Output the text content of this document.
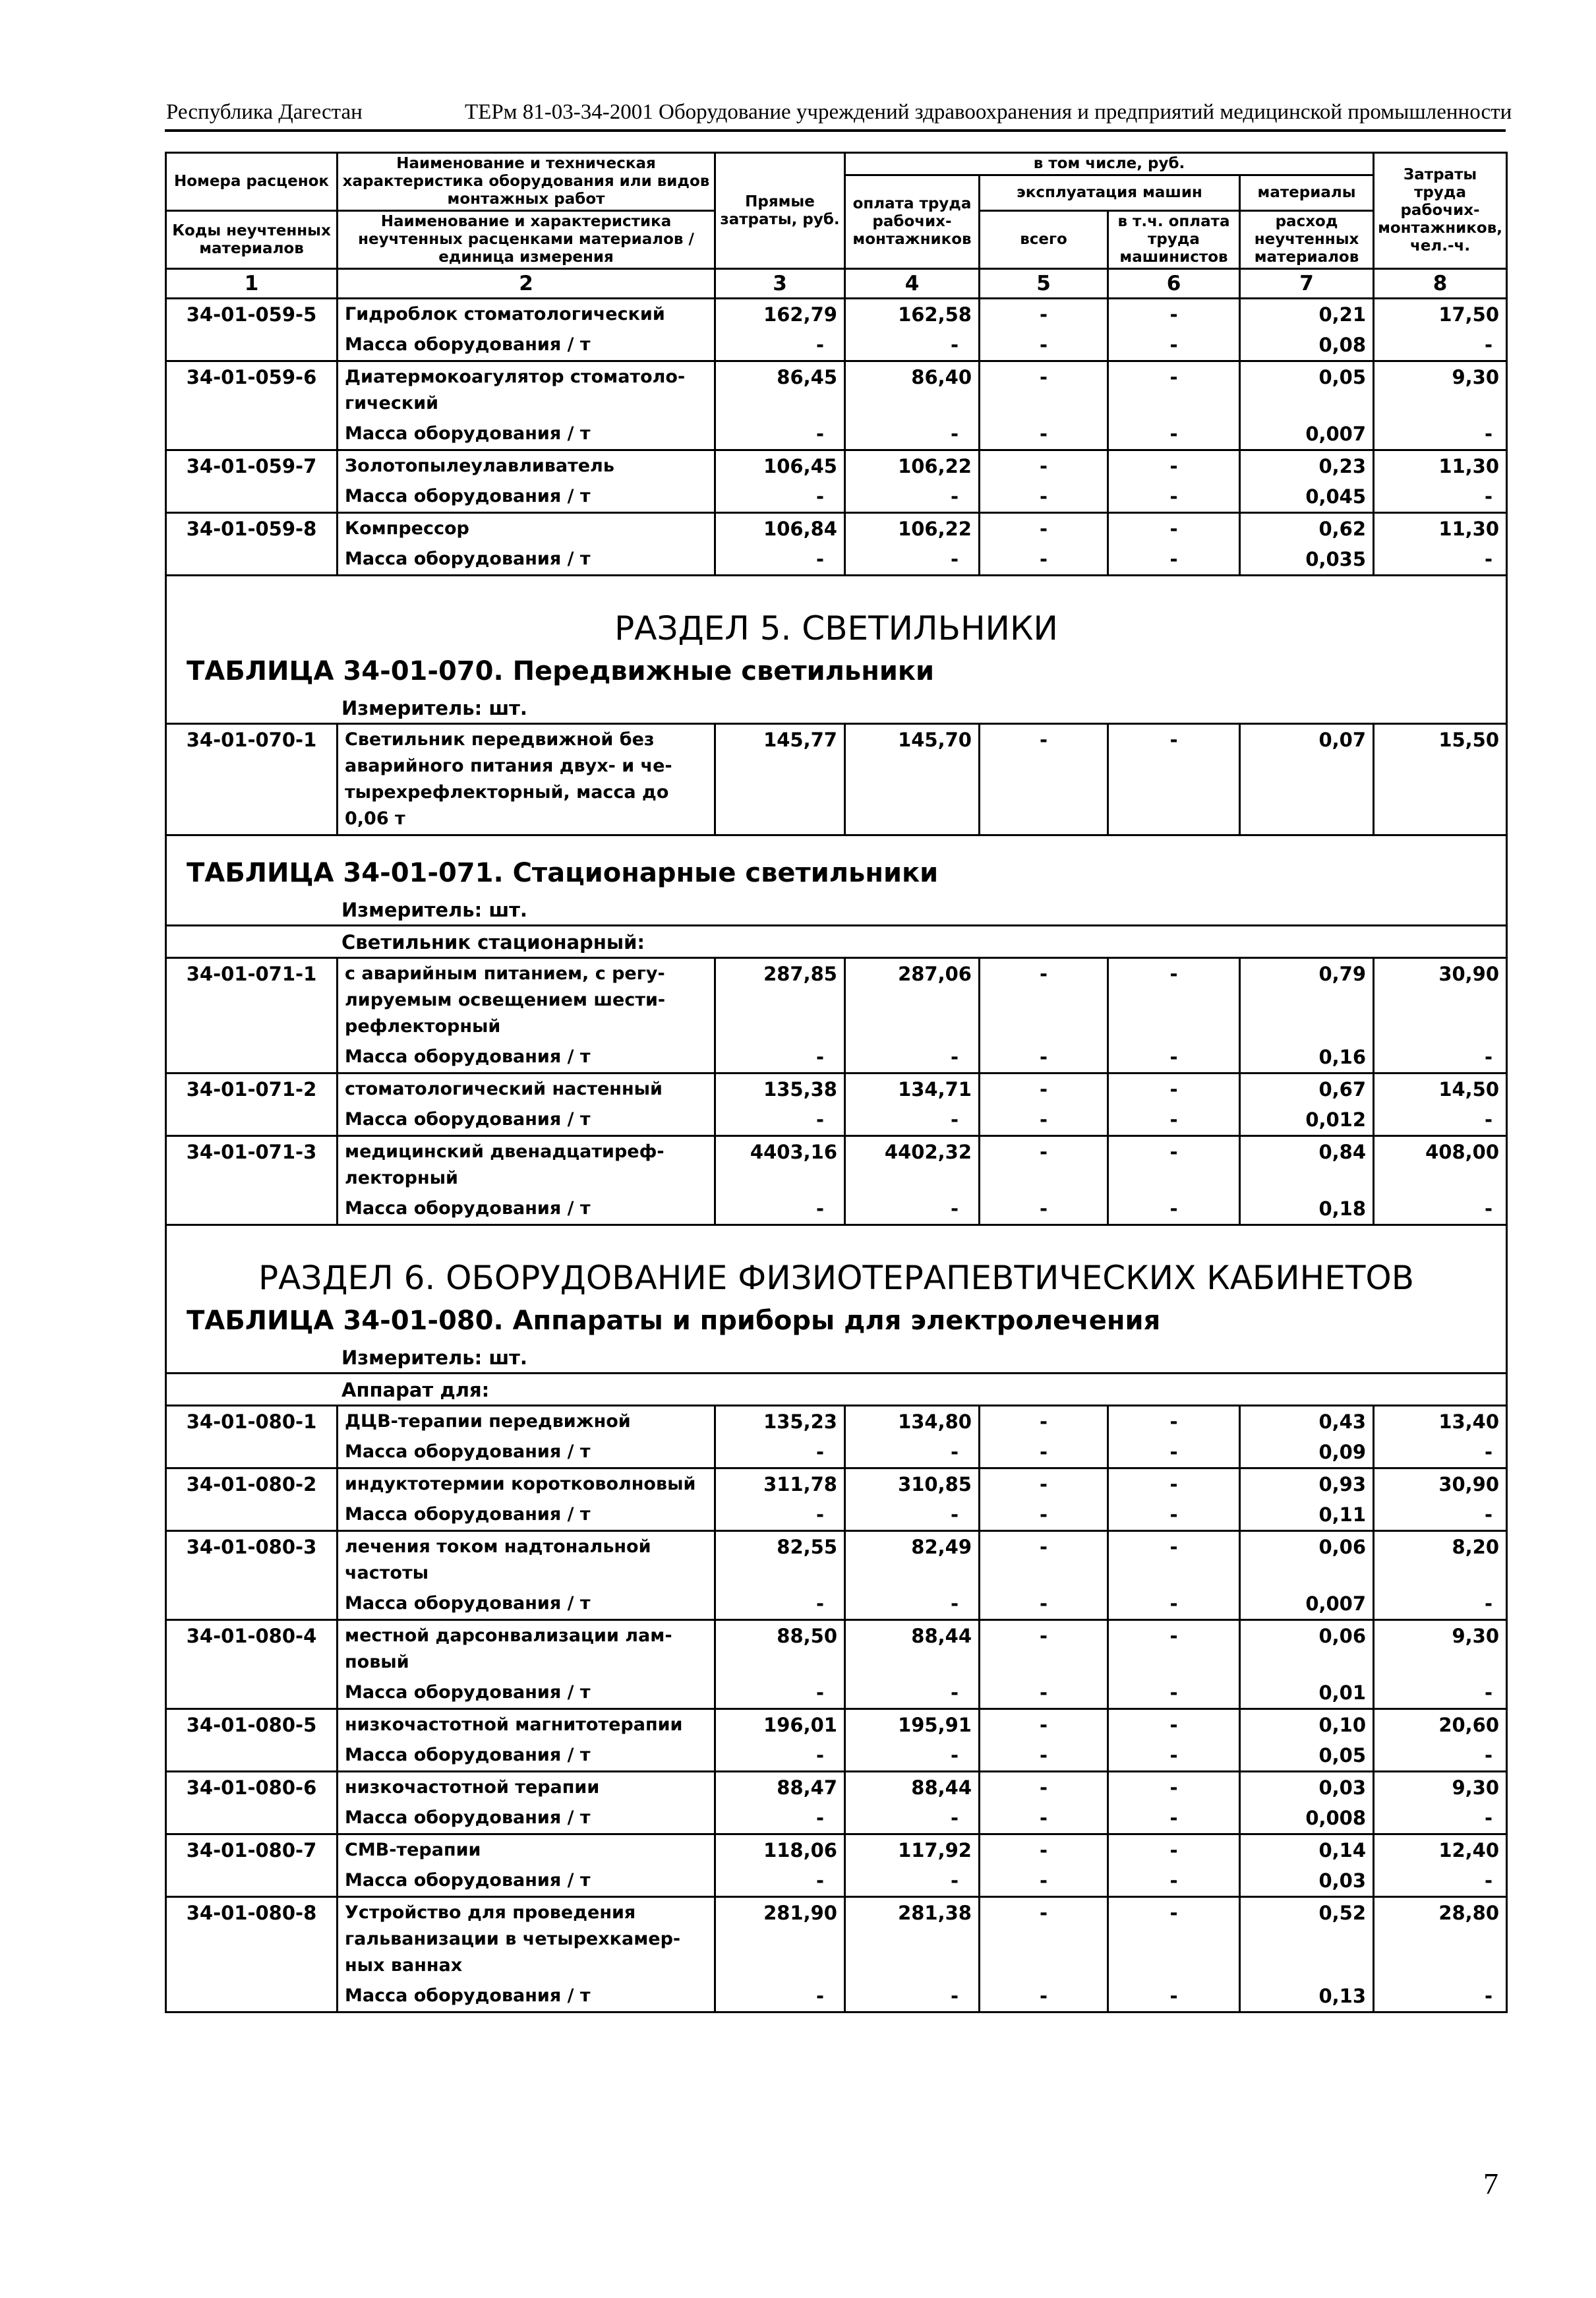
Республика Дагестан	ТЕРм 81-03-34-2001 Оборудование учреждений здравоохранения и предприятий медицинской промышленности
Номера расценок	Наименование и техническая характеристика оборудования или видов монтажных работ	Прямые затраты, руб.	в том числе, руб.				Затраты труда рабочих-монтажников, чел.-ч.
			оплата труда рабочих-монтажников	эксплуатация машин		материалы	
Коды неучтенных материалов	Наименование и характеристика неучтенных расценками материалов / единица измерения			всего	в т.ч. оплата труда машинистов	расход неучтенных материалов	

1	2	3	4	5	6	7	8
34-01-059-5	Гидроблок стоматологический	162,79	162,58	-	-	0,21	17,50
	Масса оборудования / т	-	-	-	-	0,08	-
34-01-059-6	Диатермокоагулятор стоматоло-гический	86,45	86,40	-	-	0,05	9,30
	Масса оборудования / т	-	-	-	-	0,007	-
34-01-059-7	Золотопылеулавливатель	106,45	106,22	-	-	0,23	11,30
	Масса оборудования / т	-	-	-	-	0,045	-
34-01-059-8	Компрессор	106,84	106,22	-	-	0,62	11,30
	Масса оборудования / т	-	-	-	-	0,035	-

РАЗДЕЛ 5. СВЕТИЛЬНИКИ							
ТАБЛИЦА 34-01-070. Передвижные светильники							
Измеритель: шт.							
34-01-070-1	Светильник передвижной без аварийного питания двух- и че-тырехрефлекторный, масса до 0,06 т	145,77	145,70	-	-	0,07	15,50

ТАБЛИЦА 34-01-071. Стационарные светильники							
Измеритель: шт.							
Светильник стационарный:							
34-01-071-1	с аварийным питанием, с регу-лируемым освещением шести-рефлекторный	287,85	287,06	-	-	0,79	30,90
	Масса оборудования / т	-	-	-	-	0,16	-
34-01-071-2	стоматологический настенный	135,38	134,71	-	-	0,67	14,50
	Масса оборудования / т	-	-	-	-	0,012	-
34-01-071-3	медицинский двенадцатиреф-лекторный	4403,16	4402,32	-	-	0,84	408,00
	Масса оборудования / т	-	-	-	-	0,18	-

РАЗДЕЛ 6. ОБОРУДОВАНИЕ ФИЗИОТЕРАПЕВТИЧЕСКИХ КАБИНЕТОВ							
ТАБЛИЦА 34-01-080. Аппараты и приборы для электролечения							
Измеритель: шт.							
Аппарат для:							
34-01-080-1	ДЦВ-терапии передвижной	135,23	134,80	-	-	0,43	13,40
	Масса оборудования / т	-	-	-	-	0,09	-
34-01-080-2	индуктотермии коротковолновый	311,78	310,85	-	-	0,93	30,90
	Масса оборудования / т	-	-	-	-	0,11	-
34-01-080-3	лечения током надтональной частоты	82,55	82,49	-	-	0,06	8,20
	Масса оборудования / т	-	-	-	-	0,007	-
34-01-080-4	местной дарсонвализации лам-повый	88,50	88,44	-	-	0,06	9,30
	Масса оборудования / т	-	-	-	-	0,01	-
34-01-080-5	низкочастотной магнитотерапии	196,01	195,91	-	-	0,10	20,60
	Масса оборудования / т	-	-	-	-	0,05	-
34-01-080-6	низкочастотной терапии	88,47	88,44	-	-	0,03	9,30
	Масса оборудования / т	-	-	-	-	0,008	-
34-01-080-7	СМВ-терапии	118,06	117,92	-	-	0,14	12,40
	Масса оборудования / т	-	-	-	-	0,03	-
34-01-080-8	Устройство для проведения гальванизации в четырехкамер-ных ваннах	281,90	281,38	-	-	0,52	28,80
	Масса оборудования / т	-	-	-	-	0,13	-
7
